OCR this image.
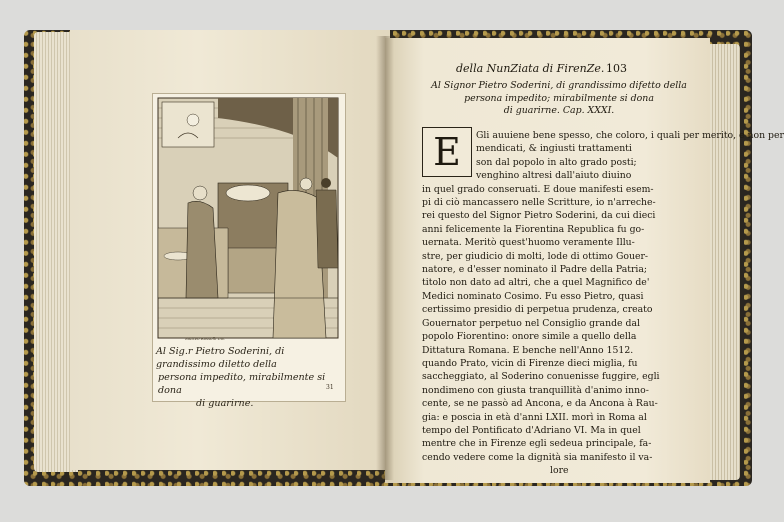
Matteo Rosselli Inv.
Al Sig.r Pietro Soderini, di grandissimo diletto della
persona impedito, mirabilmente si dona
di guarirne.
31
della NunZiata di FirenZe. 103
Al Signor Pietro Soderini, di grandissimo difetto della
persona impedito; mirabilmente si dona
di guarirne. Cap. XXXI.
E	Gli auuiene bene spesso, che coloro, i quali per merito, e non per
mendicati, & ingiusti trattamenti
son dal popolo in alto grado posti;
venghino altresi dall'aiuto diuino
in quel grado conseruati. E doue manifesti esem-
pi di ciò mancassero nelle Scritture, io n'arreche-
rei questo del Signor Pietro Soderini, da cui dieci
anni felicemente la Fiorentina Republica fu go-
uernata. Meritò quest'huomo veramente Illu-
stre, per giudicio di molti, lode di ottimo Gouer-
natore, e d'esser nominato il Padre della Patria;
titolo non dato ad altri, che a quel Magnifico de'
Medici nominato Cosimo. Fu esso Pietro, quasi
certissimo presidio di perpetua prudenza, creato
Gouernator perpetuo nel Consiglio grande dal
popolo Fiorentino: onore simile a quello della
Dittatura Romana. E benche nell'Anno 1512.
quando Prato, vicin di Firenze dieci miglia, fu
saccheggiato, al Soderino conuenisse fuggire, egli
nondimeno con giusta tranquillità d'animo inno-
cente, se ne passò ad Ancona, e da Ancona à Rau-
gia: e poscia in età d'anni LXII. morì in Roma al
tempo del Pontificato d'Adriano VI. Ma in quel
mentre che in Firenze egli sedeua principale, fa-
cendo vedere come la dignità sia manifesto il va-
lore
